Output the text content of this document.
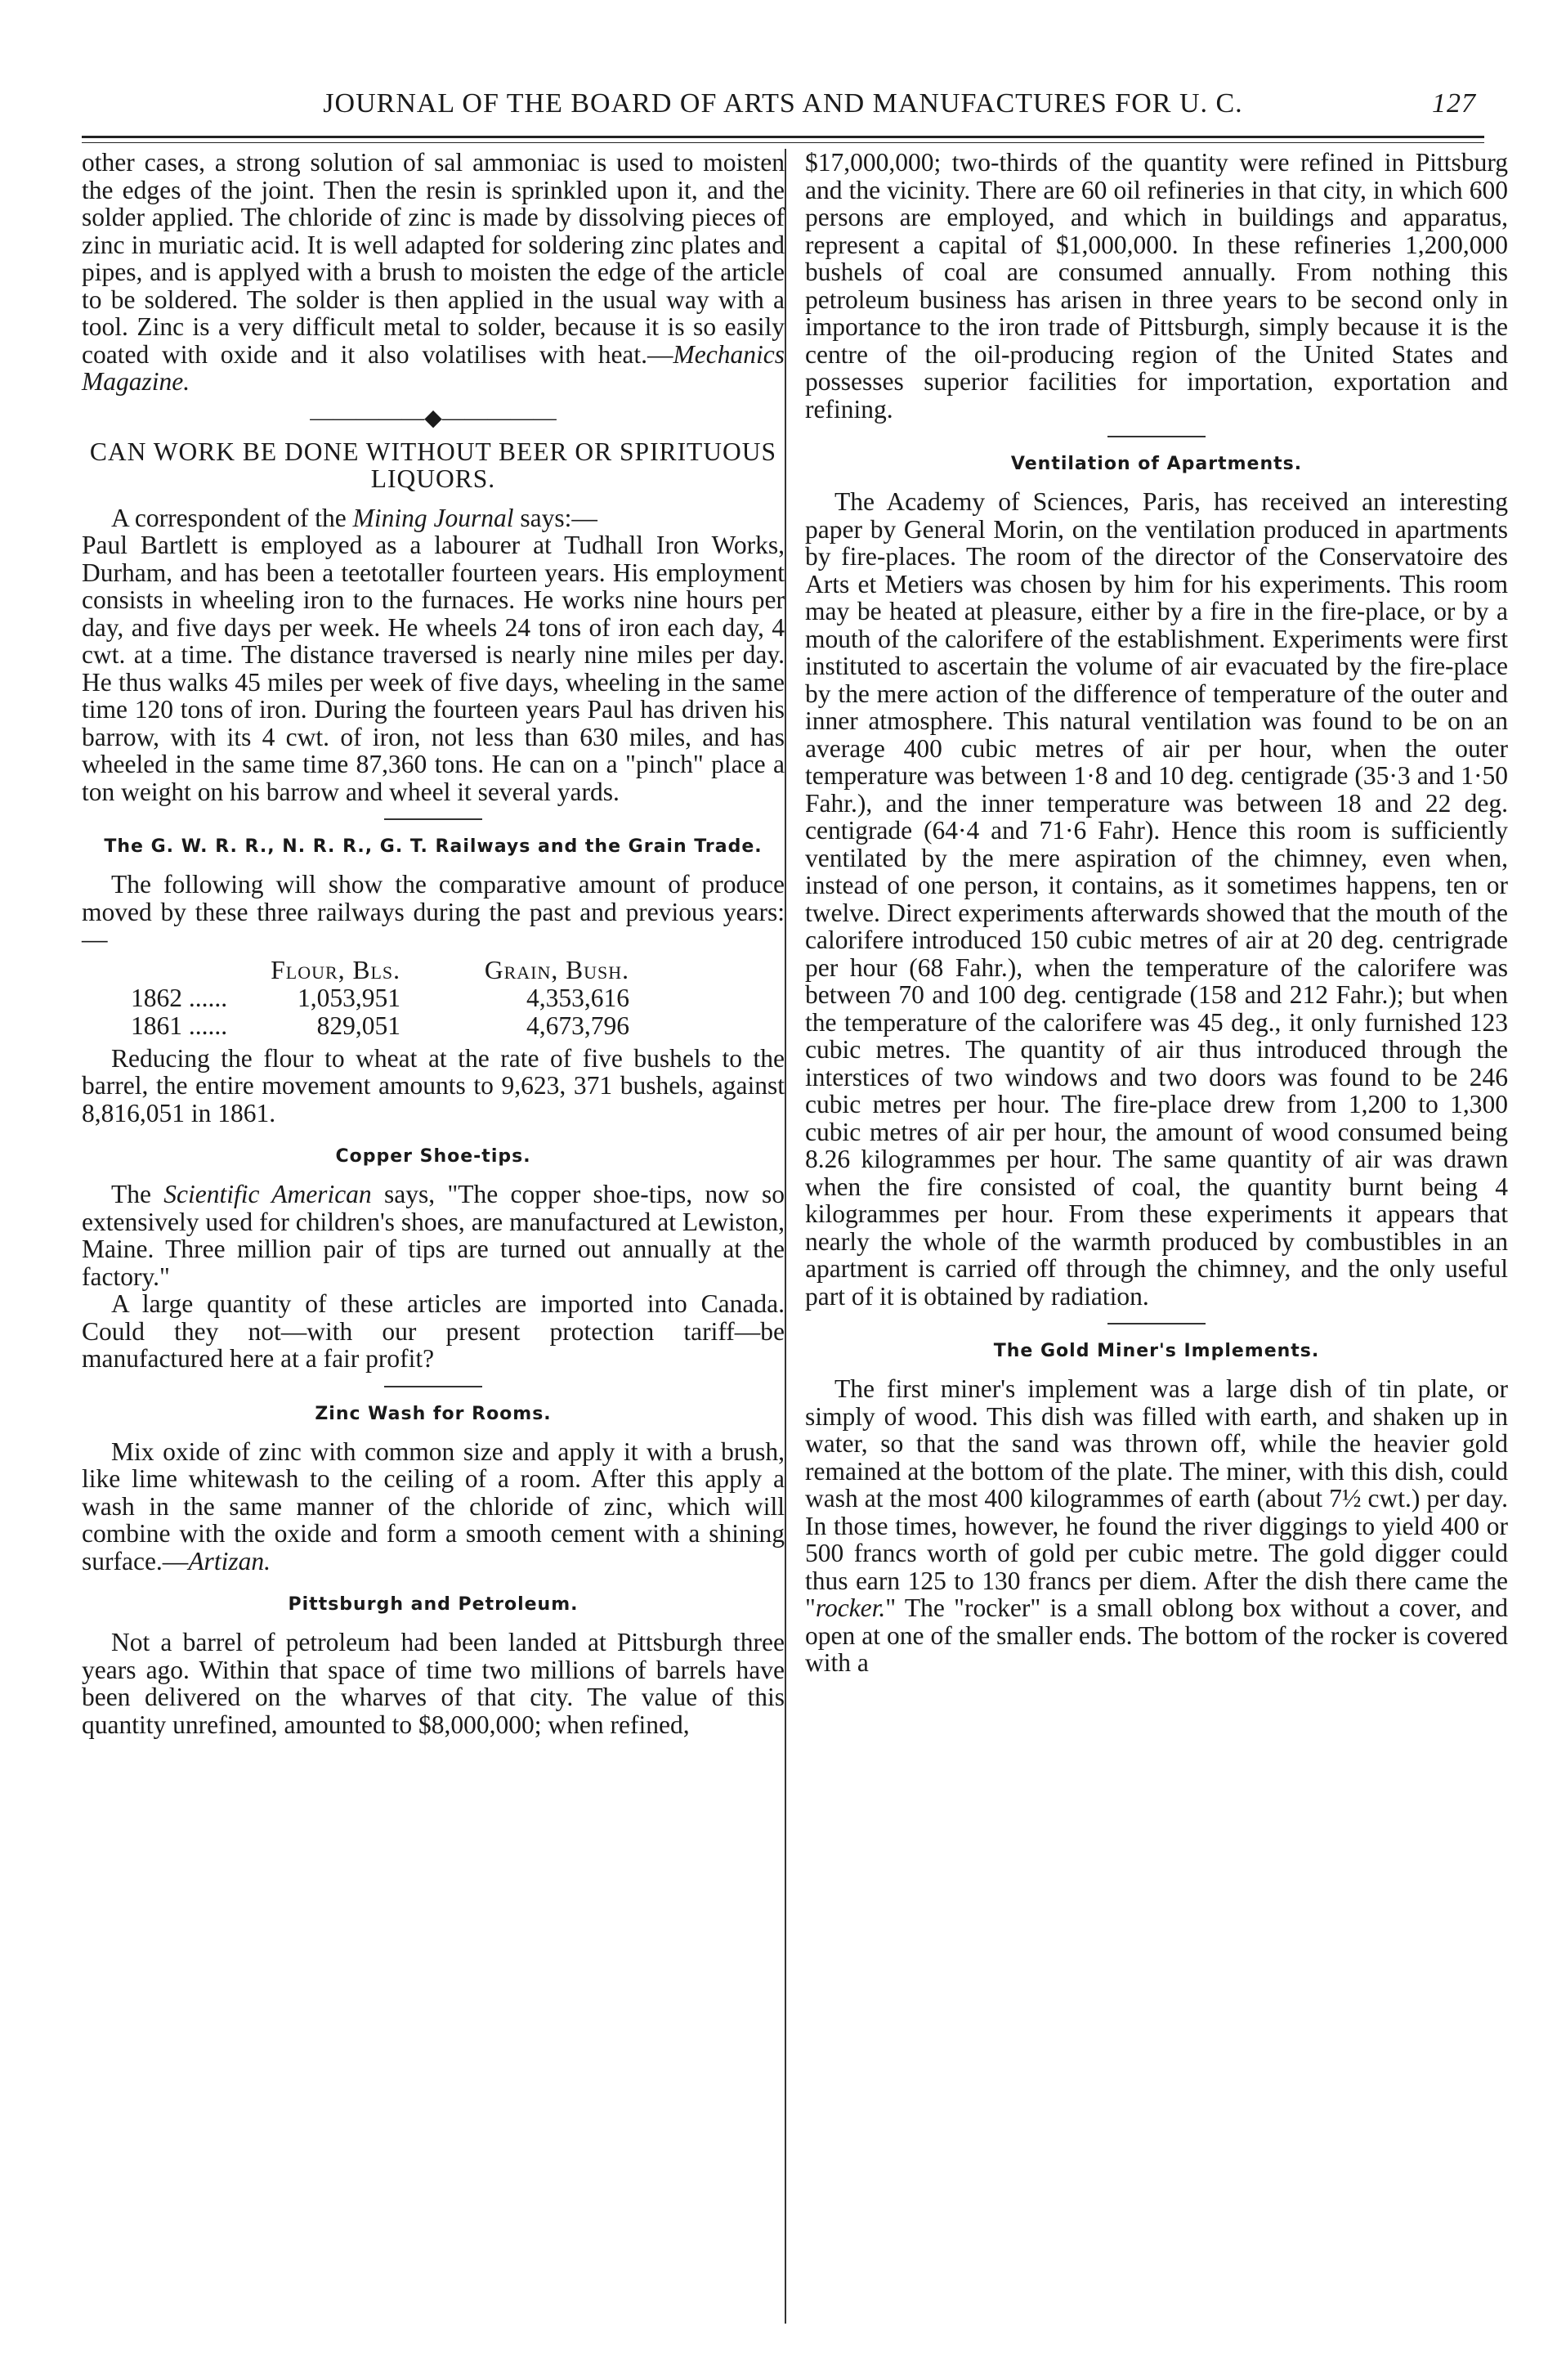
JOURNAL OF THE BOARD OF ARTS AND MANUFACTURES FOR U. C.	127

other cases, a strong solution of sal ammoniac is used to moisten the edges of the joint. Then the resin is sprinkled upon it, and the solder applied. The chloride of zinc is made by dissolving pieces of zinc in muriatic acid. It is well adapted for soldering zinc plates and pipes, and is applyed with a brush to moisten the edge of the article to be soldered. The solder is then applied in the usual way with a tool. Zinc is a very difficult metal to solder, because it is so easily coated with oxide and it also volatilises with heat.—Mechanics Magazine.

—————◆—————

CAN WORK BE DONE WITHOUT BEER OR SPIRITUOUS LIQUORS.

A correspondent of the Mining Journal says:—

Paul Bartlett is employed as a labourer at Tudhall Iron Works, Durham, and has been a teetotaller fourteen years. His employment consists in wheeling iron to the furnaces. He works nine hours per day, and five days per week. He wheels 24 tons of iron each day, 4 cwt. at a time. The distance traversed is nearly nine miles per day. He thus walks 45 miles per week of five days, wheeling in the same time 120 tons of iron. During the fourteen years Paul has driven his barrow, with its 4 cwt. of iron, not less than 630 miles, and has wheeled in the same time 87,360 tons. He can on a "pinch" place a ton weight on his barrow and wheel it several yards.

The G. W. R. R., N. R. R., G. T. Railways and the Grain Trade.

The following will show the comparative amount of produce moved by these three railways during the past and previous years:—

	Flour, Bls.	Grain, Bush.
1862 ......	1,053,951	4,353,616
1861 ......	829,051	4,673,796

Reducing the flour to wheat at the rate of five bushels to the barrel, the entire movement amounts to 9,623, 371 bushels, against 8,816,051 in 1861.

Copper Shoe-tips.

The Scientific American says, "The copper shoe-tips, now so extensively used for children's shoes, are manufactured at Lewiston, Maine. Three million pair of tips are turned out annually at the factory."

A large quantity of these articles are imported into Canada. Could they not—with our present protection tariff—be manufactured here at a fair profit?

Zinc Wash for Rooms.

Mix oxide of zinc with common size and apply it with a brush, like lime whitewash to the ceiling of a room. After this apply a wash in the same manner of the chloride of zinc, which will combine with the oxide and form a smooth cement with a shining surface.—Artizan.

Pittsburgh and Petroleum.

Not a barrel of petroleum had been landed at Pittsburgh three years ago. Within that space of time two millions of barrels have been delivered on the wharves of that city. The value of this quantity unrefined, amounted to $8,000,000; when refined,

$17,000,000; two-thirds of the quantity were refined in Pittsburg and the vicinity. There are 60 oil refineries in that city, in which 600 persons are employed, and which in buildings and apparatus, represent a capital of $1,000,000. In these refineries 1,200,000 bushels of coal are consumed annually. From nothing this petroleum business has arisen in three years to be second only in importance to the iron trade of Pittsburgh, simply because it is the centre of the oil-producing region of the United States and possesses superior facilities for importation, exportation and refining.

Ventilation of Apartments.

The Academy of Sciences, Paris, has received an interesting paper by General Morin, on the ventilation produced in apartments by fire-places. The room of the director of the Conservatoire des Arts et Metiers was chosen by him for his experiments. This room may be heated at pleasure, either by a fire in the fire-place, or by a mouth of the calorifere of the establishment. Experiments were first instituted to ascertain the volume of air evacuated by the fire-place by the mere action of the difference of temperature of the outer and inner atmosphere. This natural ventilation was found to be on an average 400 cubic metres of air per hour, when the outer temperature was between 1·8 and 10 deg. centigrade (35·3 and 1·50 Fahr.), and the inner temperature was between 18 and 22 deg. centigrade (64·4 and 71·6 Fahr). Hence this room is sufficiently ventilated by the mere aspiration of the chimney, even when, instead of one person, it contains, as it sometimes happens, ten or twelve. Direct experiments afterwards showed that the mouth of the calorifere introduced 150 cubic metres of air at 20 deg. centrigrade per hour (68 Fahr.), when the temperature of the calorifere was between 70 and 100 deg. centigrade (158 and 212 Fahr.); but when the temperature of the calorifere was 45 deg., it only furnished 123 cubic metres. The quantity of air thus introduced through the interstices of two windows and two doors was found to be 246 cubic metres per hour. The fire-place drew from 1,200 to 1,300 cubic metres of air per hour, the amount of wood consumed being 8.26 kilogrammes per hour. The same quantity of air was drawn when the fire consisted of coal, the quantity burnt being 4 kilogrammes per hour. From these experiments it appears that nearly the whole of the warmth produced by combustibles in an apartment is carried off through the chimney, and the only useful part of it is obtained by radiation.

The Gold Miner's Implements.

The first miner's implement was a large dish of tin plate, or simply of wood. This dish was filled with earth, and shaken up in water, so that the sand was thrown off, while the heavier gold remained at the bottom of the plate. The miner, with this dish, could wash at the most 400 kilogrammes of earth (about 7½ cwt.) per day. In those times, however, he found the river diggings to yield 400 or 500 francs worth of gold per cubic metre. The gold digger could thus earn 125 to 130 francs per diem. After the dish there came the "rocker." The "rocker" is a small oblong box without a cover, and open at one of the smaller ends. The bottom of the rocker is covered with a
